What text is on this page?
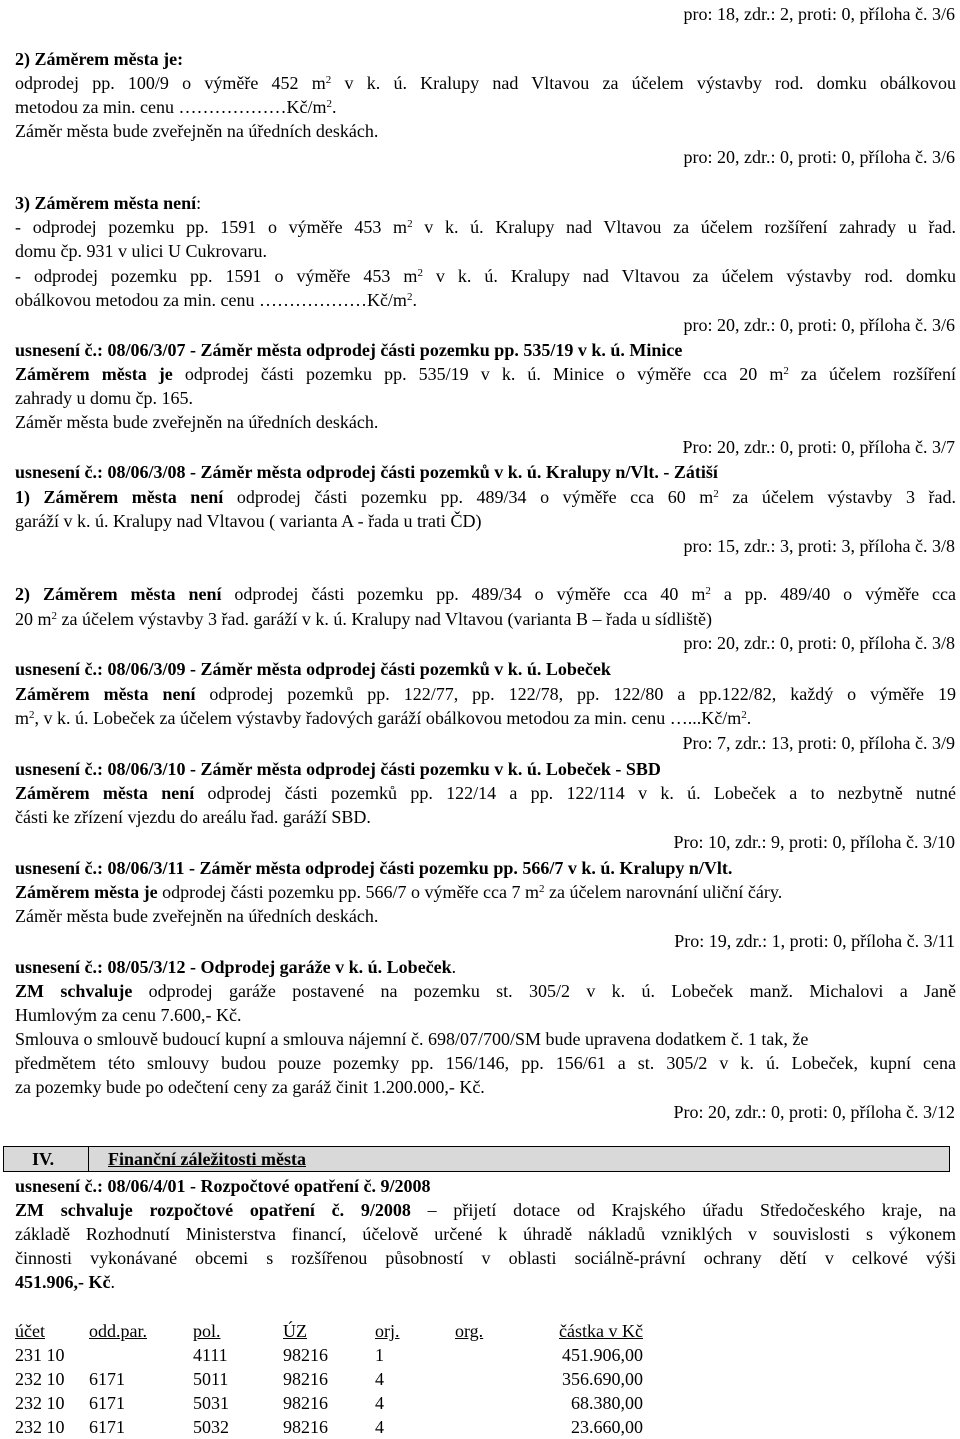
pro: 18, zdr.: 2, proti: 0, příloha č. 3/6
2) Záměrem města je:
odprodej pp. 100/9 o výměře 452 $m^2$ v k. ú. Kralupy nad Vltavou za účelem výstavby rod. domku obálkovou
metodou za min. cenu $\dots\dots\dots\dots\dots\dots Kč/m^2$.
Záměr města bude zveřejněn na úředních deskách.
pro: 20, zdr.: 0, proti: 0, příloha č. 3/6
3) Záměrem města není:
- odprodej pozemku pp. 1591 o výměře 453 $m^2$ v k. ú. Kralupy nad Vltavou za účelem rozšíření zahrady u řad.
domu čp. 931 v ulici U Cukrovaru.
- odprodej pozemku pp. 1591 o výměře 453 $m^2$ v k. ú. Kralupy nad Vltavou za účelem výstavby rod. domku
obálkovou metodou za min. cenu $\dots\dots\dots\dots\dots\dots Kč/m^2$.
pro: 20, zdr.: 0, proti: 0, příloha č. 3/6
usnesení č.: 08/06/3/07 - Záměr města odprodej části pozemku pp. 535/19 v k. ú. Minice
Záměrem města je odprodej části pozemku pp. 535/19 v k. ú. Minice o výměře cca 20 $m^2$ za účelem rozšíření
zahrady u domu čp. 165.
Záměr města bude zveřejněn na úředních deskách.
Pro: 20, zdr.: 0, proti: 0, příloha č. 3/7
usnesení č.: 08/06/3/08 - Záměr města odprodej části pozemků v k. ú. Kralupy n/Vlt. - Zátiší
1) Záměrem města není odprodej části pozemku pp. 489/34 o výměře cca 60 $m^2$ za účelem výstavby 3 řad.
garáží v k. ú. Kralupy nad Vltavou ( varianta A - řada u trati ČD)
pro: 15, zdr.: 3, proti: 3, příloha č. 3/8
2) Záměrem města není odprodej části pozemku pp. 489/34 o výměře cca 40 $m^2$ a pp. 489/40 o výměře cca
20 $m^2$ za účelem výstavby 3 řad. garáží v k. ú. Kralupy nad Vltavou (varianta B – řada u sídliště)
pro: 20, zdr.: 0, proti: 0, příloha č. 3/8
usnesení č.: 08/06/3/09 - Záměr města odprodej části pozemků v k. ú. Lobeček
Záměrem města není odprodej pozemků pp. 122/77, pp. 122/78, pp. 122/80 a pp.122/82, každý o výměře 19
$m^2$, v k. ú. Lobeček za účelem výstavby řadových garáží obálkovou metodou za min. cenu $\dots...Kč/m^2$.
Pro: 7, zdr.: 13, proti: 0, příloha č. 3/9
usnesení č.: 08/06/3/10 - Záměr města odprodej části pozemku v k. ú. Lobeček - SBD
Záměrem města není odprodej části pozemků pp. 122/14 a pp. 122/114 v k. ú. Lobeček a to nezbytně nutné
části ke zřízení vjezdu do areálu řad. garáží SBD.
Pro: 10, zdr.: 9, proti: 0, příloha č. 3/10
usnesení č.: 08/06/3/11 - Záměr města odprodej části pozemku pp. 566/7 v k. ú. Kralupy n/Vlt.
Záměrem města je odprodej části pozemku pp. 566/7 o výměře cca 7 $m^2$ za účelem narovnání uliční čáry.
Záměr města bude zveřejněn na úředních deskách.
Pro: 19, zdr.: 1, proti: 0, příloha č. 3/11
usnesení č.: 08/05/3/12 - Odprodej garáže v k. ú. Lobeček.
ZM schvaluje odprodej garáže postavené na pozemku st. 305/2 v k. ú. Lobeček manž. Michalovi a Janě
Humlovým za cenu 7.600,- Kč.
Smlouva o smlouvě budoucí kupní a smlouva nájemní č. 698/07/700/SM bude upravena dodatkem č. 1 tak, že
předmětem této smlouvy budou pouze pozemky pp. 156/146, pp. 156/61 a st. 305/2 v k. ú. Lobeček, kupní cena
za pozemky bude po odečtení ceny za garáž činit 1.200.000,- Kč.
Pro: 20, zdr.: 0, proti: 0, příloha č. 3/12
IV.	Finanční záležitosti města
usnesení č.: 08/06/4/01 - Rozpočtové opatření č. 9/2008
ZM schvaluje rozpočtové opatření č. 9/2008 – přijetí dotace od Krajského úřadu Středočeského kraje, na
základě Rozhodnutí Ministerstva financí, účelově určené k úhradě nákladů vzniklých v souvislosti s výkonem
činnosti vykonávané obcemi s rozšířenou působností v oblasti sociálně-právní ochrany dětí v celkové výši
451.906,- Kč.
účet	odd.par.	pol.	ÚZ	orj.	org.	částka v Kč
231 10		4111	98216	1		451.906,00
232 10	6171	5011	98216	4		356.690,00
232 10	6171	5031	98216	4		68.380,00
232 10	6171	5032	98216	4		23.660,00
